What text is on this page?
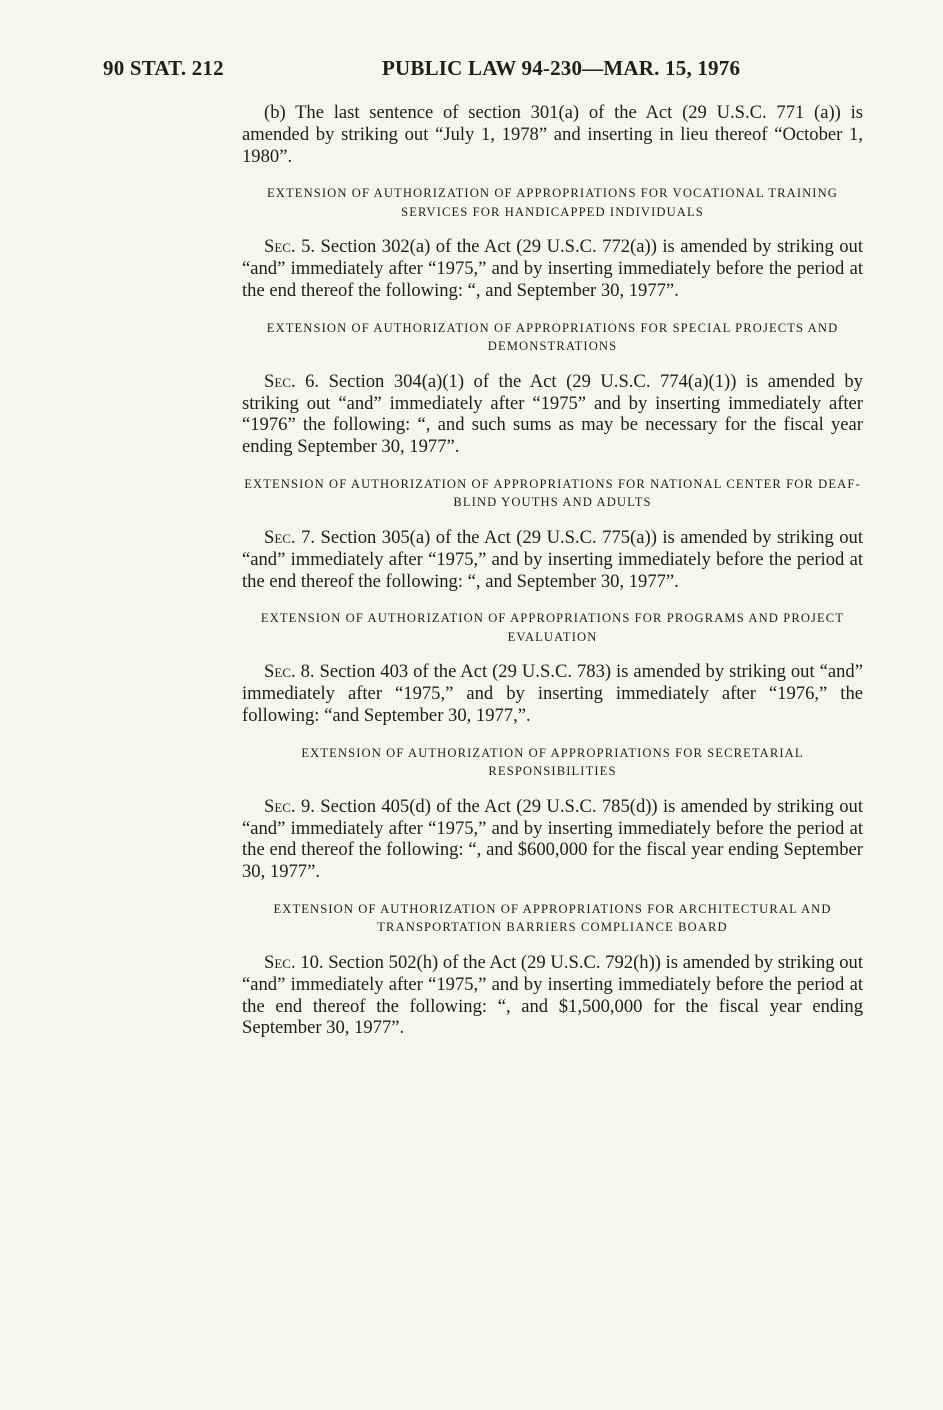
90 STAT. 212	PUBLIC LAW 94-230—MAR. 15, 1976

(b) The last sentence of section 301(a) of the Act (29 U.S.C. 771 (a)) is amended by striking out “July 1, 1978” and inserting in lieu thereof “October 1, 1980”.

EXTENSION OF AUTHORIZATION OF APPROPRIATIONS FOR VOCATIONAL TRAINING SERVICES FOR HANDICAPPED INDIVIDUALS

Sec. 5. Section 302(a) of the Act (29 U.S.C. 772(a)) is amended by striking out “and” immediately after “1975,” and by inserting immediately before the period at the end thereof the following: “, and September 30, 1977”.

EXTENSION OF AUTHORIZATION OF APPROPRIATIONS FOR SPECIAL PROJECTS AND DEMONSTRATIONS

Sec. 6. Section 304(a)(1) of the Act (29 U.S.C. 774(a)(1)) is amended by striking out “and” immediately after “1975” and by inserting immediately after “1976” the following: “, and such sums as may be necessary for the fiscal year ending September 30, 1977”.

EXTENSION OF AUTHORIZATION OF APPROPRIATIONS FOR NATIONAL CENTER FOR DEAF-BLIND YOUTHS AND ADULTS

Sec. 7. Section 305(a) of the Act (29 U.S.C. 775(a)) is amended by striking out “and” immediately after “1975,” and by inserting immediately before the period at the end thereof the following: “, and September 30, 1977”.

EXTENSION OF AUTHORIZATION OF APPROPRIATIONS FOR PROGRAMS AND PROJECT EVALUATION

Sec. 8. Section 403 of the Act (29 U.S.C. 783) is amended by striking out “and” immediately after “1975,” and by inserting immediately after “1976,” the following: “and September 30, 1977,”.

EXTENSION OF AUTHORIZATION OF APPROPRIATIONS FOR SECRETARIAL RESPONSIBILITIES

Sec. 9. Section 405(d) of the Act (29 U.S.C. 785(d)) is amended by striking out “and” immediately after “1975,” and by inserting immediately before the period at the end thereof the following: “, and $600,000 for the fiscal year ending September 30, 1977”.

EXTENSION OF AUTHORIZATION OF APPROPRIATIONS FOR ARCHITECTURAL AND TRANSPORTATION BARRIERS COMPLIANCE BOARD

Sec. 10. Section 502(h) of the Act (29 U.S.C. 792(h)) is amended by striking out “and” immediately after “1975,” and by inserting immediately before the period at the end thereof the following: “, and $1,500,000 for the fiscal year ending September 30, 1977”.
